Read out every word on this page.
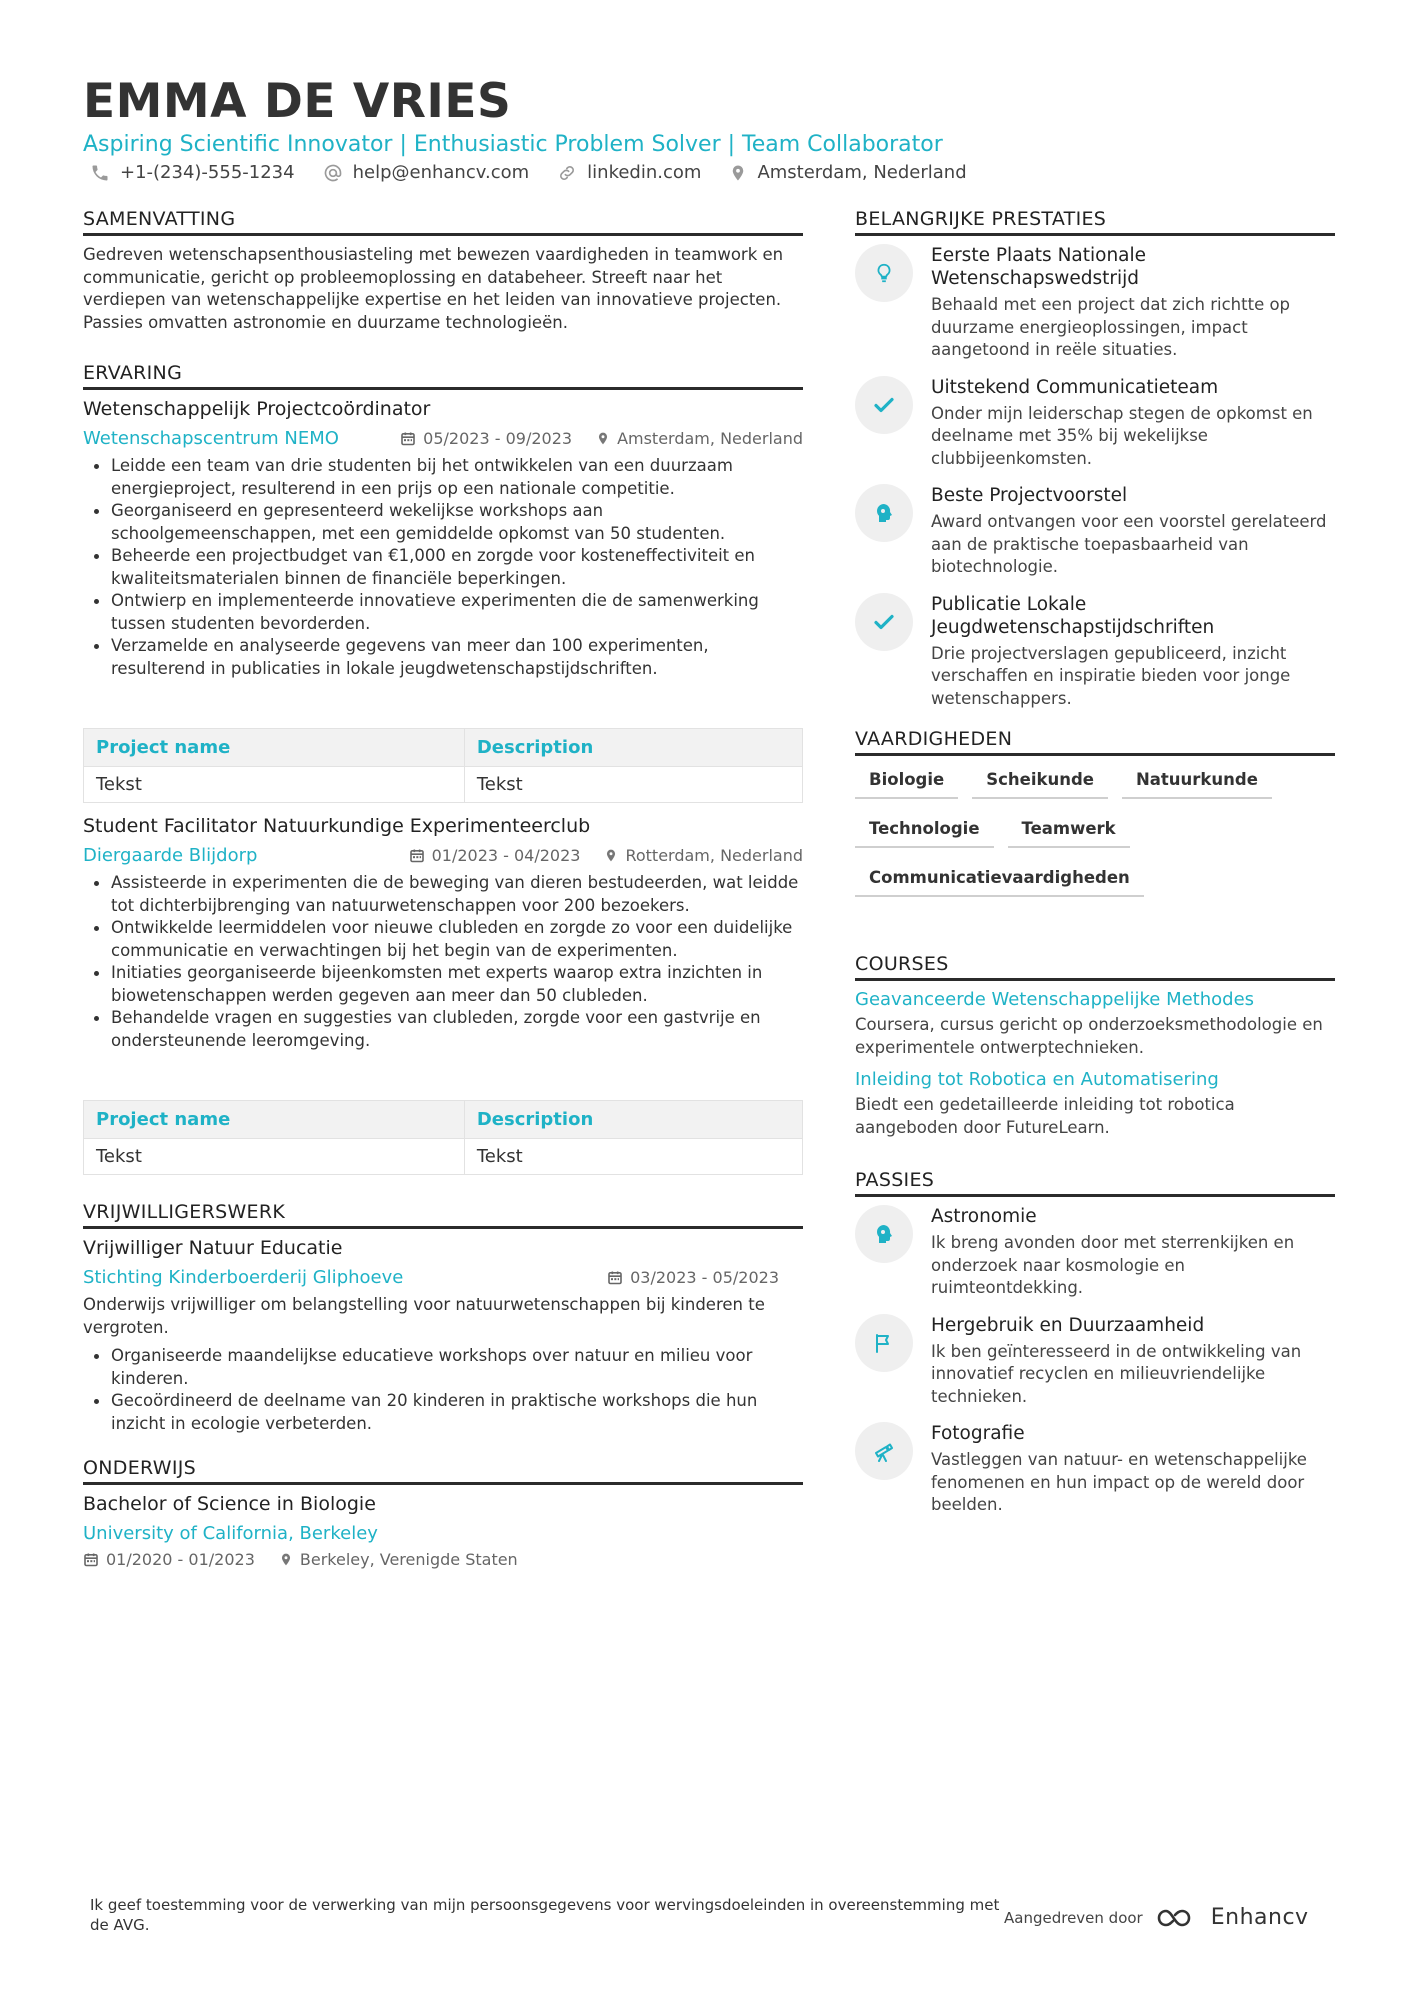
EMMA DE VRIES
Aspiring Scientific Innovator | Enthusiastic Problem Solver | Team Collaborator
+1-(234)-555-1234	help@enhancv.com	linkedin.com	Amsterdam, Nederland
SAMENVATTING
Gedreven wetenschapsenthousiasteling met bewezen vaardigheden in teamwork en communicatie, gericht op probleemoplossing en databeheer. Streeft naar het verdiepen van wetenschappelijke expertise en het leiden van innovatieve projecten. Passies omvatten astronomie en duurzame technologieën.
ERVARING
Wetenschappelijk Projectcoördinator
Wetenschapscentrum NEMO	05/2023 - 09/2023	Amsterdam, Nederland
Leidde een team van drie studenten bij het ontwikkelen van een duurzaam energieproject, resulterend in een prijs op een nationale competitie.
Georganiseerd en gepresenteerd wekelijkse workshops aan schoolgemeenschappen, met een gemiddelde opkomst van 50 studenten.
Beheerde een projectbudget van €1,000 en zorgde voor kosteneffectiviteit en kwaliteitsmaterialen binnen de financiële beperkingen.
Ontwierp en implementeerde innovatieve experimenten die de samenwerking tussen studenten bevorderden.
Verzamelde en analyseerde gegevens van meer dan 100 experimenten, resulterend in publicaties in lokale jeugdwetenschapstijdschriften.
Project name	Description
Tekst	Tekst
Student Facilitator Natuurkundige Experimenteerclub
Diergaarde Blijdorp	01/2023 - 04/2023	Rotterdam, Nederland
Assisteerde in experimenten die de beweging van dieren bestudeerden, wat leidde tot dichterbijbrenging van natuurwetenschappen voor 200 bezoekers.
Ontwikkelde leermiddelen voor nieuwe clubleden en zorgde zo voor een duidelijke communicatie en verwachtingen bij het begin van de experimenten.
Initiaties georganiseerde bijeenkomsten met experts waarop extra inzichten in biowetenschappen werden gegeven aan meer dan 50 clubleden.
Behandelde vragen en suggesties van clubleden, zorgde voor een gastvrije en ondersteunende leeromgeving.
Project name	Description
Tekst	Tekst
VRIJWILLIGERSWERK
Vrijwilliger Natuur Educatie
Stichting Kinderboerderij Gliphoeve	03/2023 - 05/2023
Onderwijs vrijwilliger om belangstelling voor natuurwetenschappen bij kinderen te vergroten.
Organiseerde maandelijkse educatieve workshops over natuur en milieu voor kinderen.
Gecoördineerd de deelname van 20 kinderen in praktische workshops die hun inzicht in ecologie verbeterden.
ONDERWIJS
Bachelor of Science in Biologie
University of California, Berkeley
01/2020 - 01/2023	Berkeley, Verenigde Staten
BELANGRIJKE PRESTATIES
Eerste Plaats Nationale Wetenschapswedstrijd
Behaald met een project dat zich richtte op duurzame energieoplossingen, impact aangetoond in reële situaties.
Uitstekend Communicatieteam
Onder mijn leiderschap stegen de opkomst en deelname met 35% bij wekelijkse clubbijeenkomsten.
Beste Projectvoorstel
Award ontvangen voor een voorstel gerelateerd aan de praktische toepasbaarheid van biotechnologie.
Publicatie Lokale Jeugdwetenschapstijdschriften
Drie projectverslagen gepubliceerd, inzicht verschaffen en inspiratie bieden voor jonge wetenschappers.
VAARDIGHEDEN
Biologie	Scheikunde	Natuurkunde
Technologie	Teamwerk
Communicatievaardigheden
COURSES
Geavanceerde Wetenschappelijke Methodes
Coursera, cursus gericht op onderzoeksmethodologie en experimentele ontwerptechnieken.
Inleiding tot Robotica en Automatisering
Biedt een gedetailleerde inleiding tot robotica aangeboden door FutureLearn.
PASSIES
Astronomie
Ik breng avonden door met sterrenkijken en onderzoek naar kosmologie en ruimteontdekking.
Hergebruik en Duurzaamheid
Ik ben geïnteresseerd in de ontwikkeling van innovatief recyclen en milieuvriendelijke technieken.
Fotografie
Vastleggen van natuur- en wetenschappelijke fenomenen en hun impact op de wereld door beelden.
Ik geef toestemming voor de verwerking van mijn persoonsgegevens voor wervingsdoeleinden in overeenstemming met de AVG.	Aangedreven door	Enhancv
